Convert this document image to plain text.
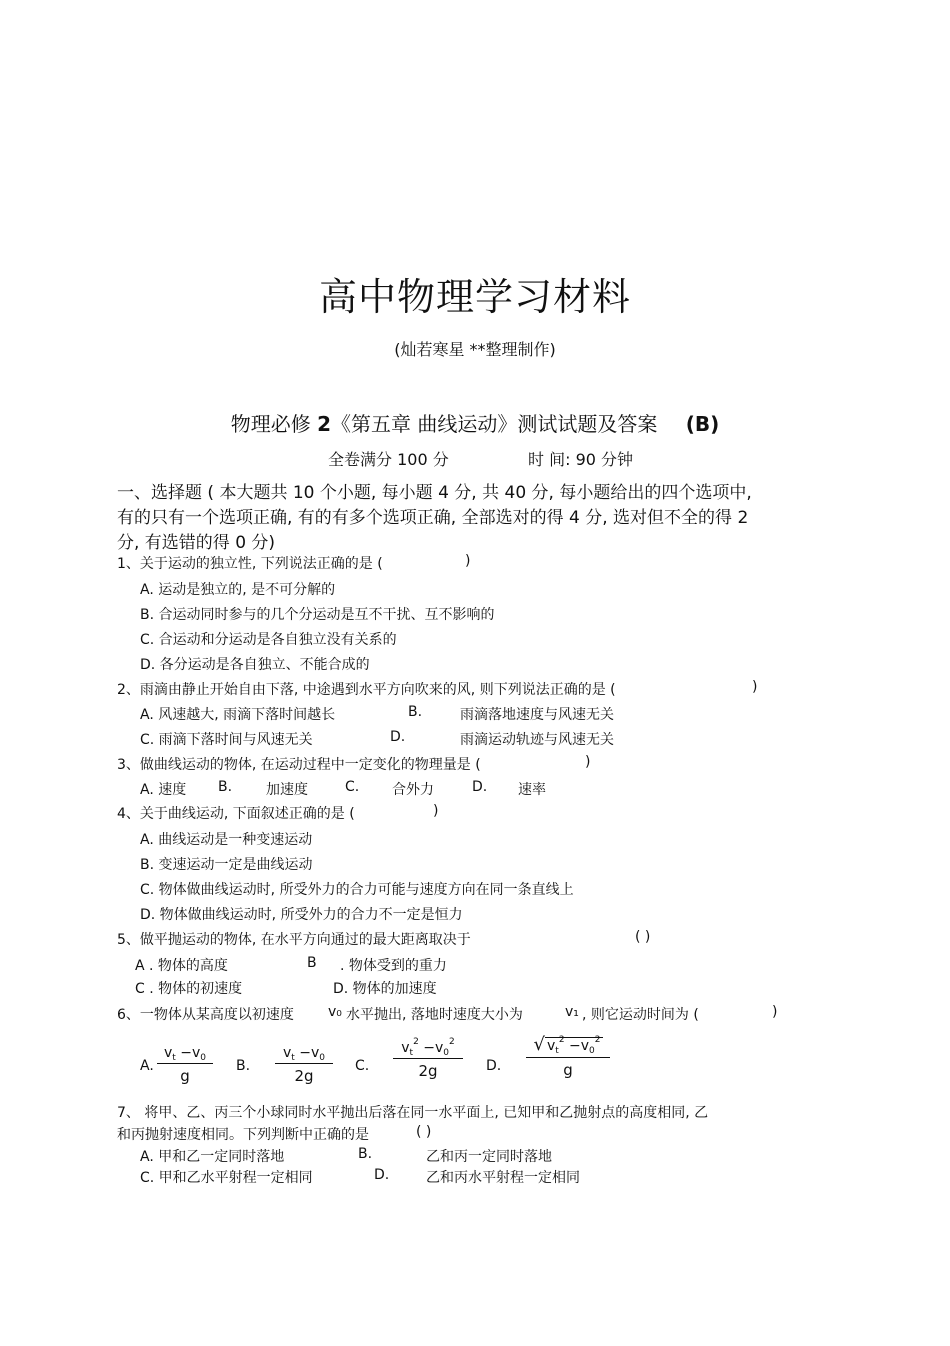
高中物理学习材料
(灿若寒星 **整理制作)
物理必修 2《第五章 曲线运动》测试试题及答案 (B)
全卷满分 100 分	时 间: 90 分钟
一、选择题 ( 本大题共 10 个小题, 每小题 4 分, 共 40 分, 每小题给出的四个选项中,
有的只有一个选项正确, 有的有多个选项正确, 全部选对的得 4 分, 选对但不全的得 2
分, 有选错的得 0 分)
1、关于运动的独立性, 下列说法正确的是 (	)
A. 运动是独立的, 是不可分解的
B. 合运动同时参与的几个分运动是互不干扰、互不影响的
C. 合运动和分运动是各自独立没有关系的
D. 各分运动是各自独立、不能合成的
2、雨滴由静止开始自由下落, 中途遇到水平方向吹来的风, 则下列说法正确的是 (	)
A. 风速越大, 雨滴下落时间越长	B.	雨滴落地速度与风速无关
C. 雨滴下落时间与风速无关	D.	雨滴运动轨迹与风速无关
3、做曲线运动的物体, 在运动过程中一定变化的物理量是 (	)
A. 速度 B. 加速度	C. 合外力	D. 速率
4、关于曲线运动, 下面叙述正确的是 (	)
A. 曲线运动是一种变速运动
B. 变速运动一定是曲线运动
C. 物体做曲线运动时, 所受外力的合力可能与速度方向在同一条直线上
D. 物体做曲线运动时, 所受外力的合力不一定是恒力
5、做平抛运动的物体, 在水平方向通过的最大距离取决于	( )
A . 物体的高度	B . 物体受到的重力
C . 物体的初速度	D. 物体的加速度
6、一物体从某高度以初速度 v₀ 水平抛出, 落地时速度大小为	v₁ , 则它运动时间为 (	)
A.
$v_t -v_0$
g
B.
$v_t -v_0$
2g
C.
$v_t^2 -v_0^2$
2g	D.
√ $v_t^2 -v_0^2$
g
7、 将甲、乙、丙三个小球同时水平抛出后落在同一水平面上, 已知甲和乙抛射点的高度相同, 乙
和丙抛射速度相同。下列判断中正确的是	( )
A. 甲和乙一定同时落地	B.	乙和丙一定同时落地
C. 甲和乙水平射程一定相同	D.	乙和丙水平射程一定相同
